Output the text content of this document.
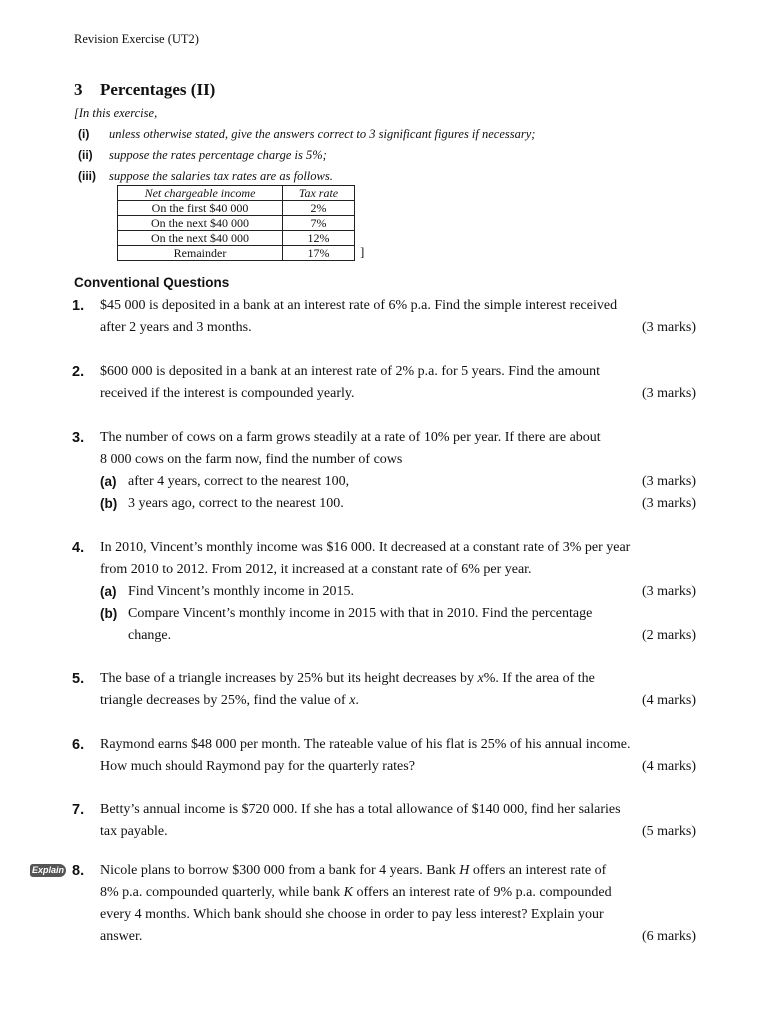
Revision Exercise (UT2)
3 Percentages (II)
[In this exercise,
(i) unless otherwise stated, give the answers correct to 3 significant figures if necessary;
(ii) suppose the rates percentage charge is 5%;
(iii) suppose the salaries tax rates are as follows.
Net chargeable income	Tax rate
On the first $40 000	2%
On the next $40 000	7%
On the next $40 000	12%
Remainder	17% ]
Conventional Questions
1. $45 000 is deposited in a bank at an interest rate of 6% p.a. Find the simple interest received
after 2 years and 3 months.	(3 marks)
2. $600 000 is deposited in a bank at an interest rate of 2% p.a. for 5 years. Find the amount
received if the interest is compounded yearly.	(3 marks)
3. The number of cows on a farm grows steadily at a rate of 10% per year. If there are about
8 000 cows on the farm now, find the number of cows
(a) after 4 years, correct to the nearest 100,	(3 marks)
(b) 3 years ago, correct to the nearest 100.	(3 marks)
4. In 2010, Vincent’s monthly income was $16 000. It decreased at a constant rate of 3% per year
from 2010 to 2012. From 2012, it increased at a constant rate of 6% per year.
(a) Find Vincent’s monthly income in 2015.	(3 marks)
(b) Compare Vincent’s monthly income in 2015 with that in 2010. Find the percentage
change.	(2 marks)
5. The base of a triangle increases by 25% but its height decreases by x%. If the area of the
triangle decreases by 25%, find the value of x.	(4 marks)
6. Raymond earns $48 000 per month. The rateable value of his flat is 25% of his annual income.
How much should Raymond pay for the quarterly rates?	(4 marks)
7. Betty’s annual income is $720 000. If she has a total allowance of $140 000, find her salaries
tax payable.	(5 marks)
Explain 8. Nicole plans to borrow $300 000 from a bank for 4 years. Bank H offers an interest rate of
8% p.a. compounded quarterly, while bank K offers an interest rate of 9% p.a. compounded
every 4 months. Which bank should she choose in order to pay less interest? Explain your
answer.	(6 marks)
